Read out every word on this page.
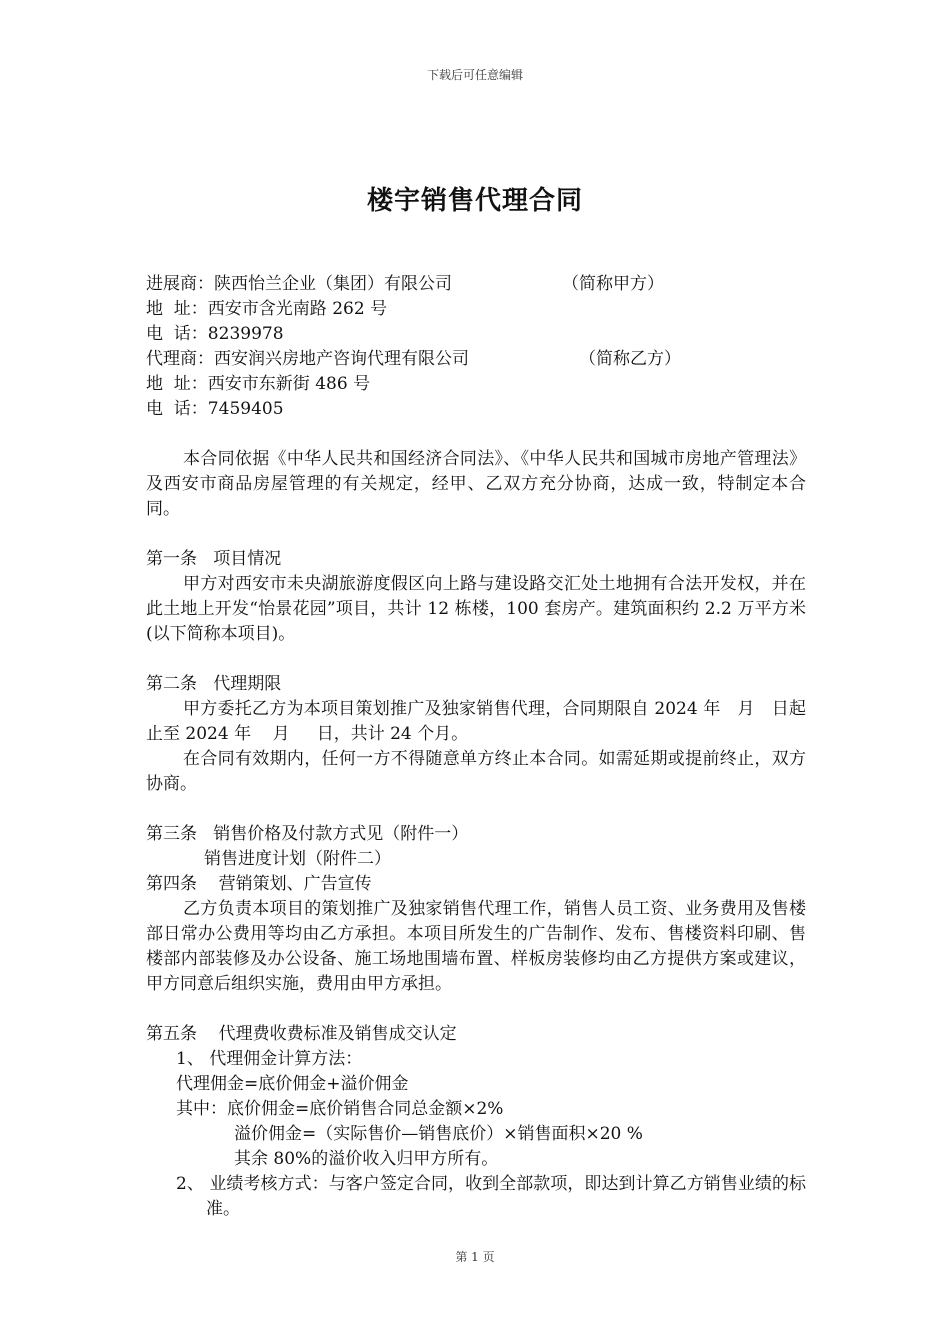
下载后可任意编辑
楼宇销售代理合同
进展商：陕西怡兰企业（集团）有限公司	（简称甲方）
地  址：西安市含光南路 262 号
电  话：8239978
代理商：西安润兴房地产咨询代理有限公司	（简称乙方）
地  址：西安市东新街 486 号
电  话：7459405
本合同依据《中华人民共和国经济合同法》、《中华人民共和国城市房地产管理法》及西安市商品房屋管理的有关规定，经甲、乙双方充分协商，达成一致，特制定本合同。
第一条   项目情况
甲方对西安市未央湖旅游度假区向上路与建设路交汇处土地拥有合法开发权，并在此土地上开发“怡景花园”项目，共计 12 栋楼，100 套房产。建筑面积约 2.2 万平方米(以下简称本项目)。
第二条   代理期限
甲方委托乙方为本项目策划推广及独家销售代理，合同期限自 2024 年   月   日起止至 2024 年    月     日，共计 24 个月。
在合同有效期内，任何一方不得随意单方终止本合同。如需延期或提前终止，双方协商。
第三条   销售价格及付款方式见（附件一）
销售进度计划（附件二）
第四条    营销策划、广告宣传
乙方负责本项目的策划推广及独家销售代理工作，销售人员工资、业务费用及售楼部日常办公费用等均由乙方承担。本项目所发生的广告制作、发布、售楼资料印刷、售楼部内部装修及办公设备、施工场地围墙布置、样板房装修均由乙方提供方案或建议，甲方同意后组织实施，费用由甲方承担。
第五条    代理费收费标准及销售成交认定
1、 代理佣金计算方法：
代理佣金=底价佣金+溢价佣金
其中：底价佣金=底价销售合同总金额×2%
溢价佣金=（实际售价—销售底价）×销售面积×20 %
其余 80%的溢价收入归甲方所有。
2、 业绩考核方式：与客户签定合同，收到全部款项，即达到计算乙方销售业绩的标准。
第 1 页
